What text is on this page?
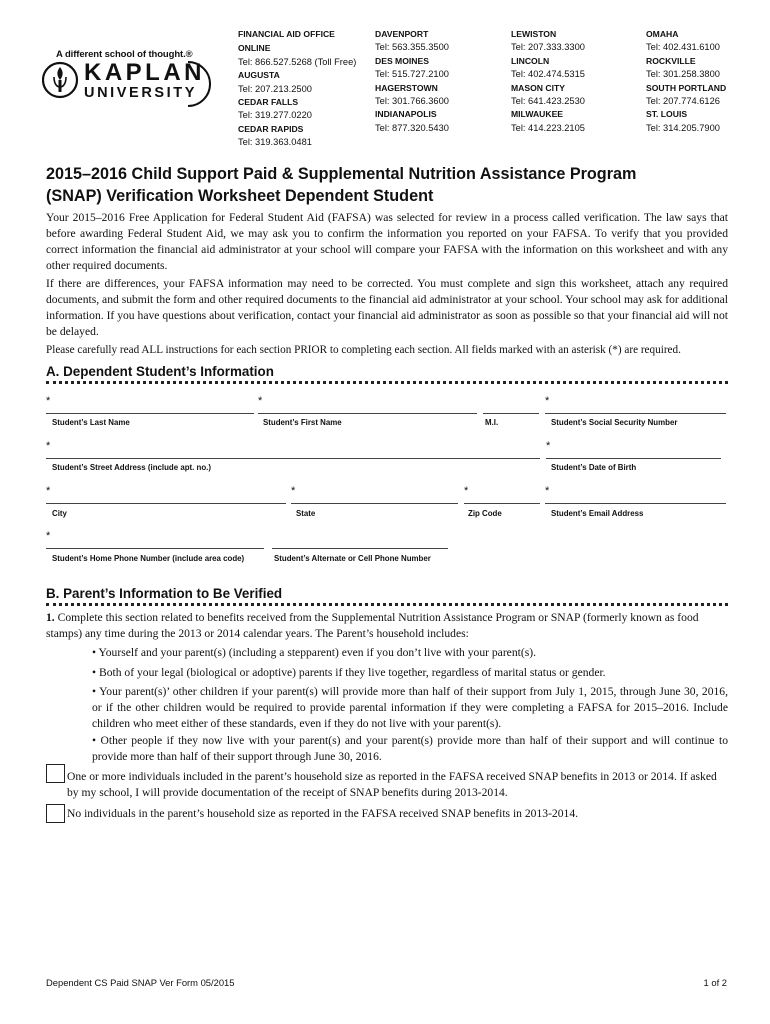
A different school of thought.®
KAPLAN
UNIVERSITY
FINANCIAL AID OFFICE
ONLINE
Tel: 866.527.5268 (Toll Free)
AUGUSTA
Tel: 207.213.2500
CEDAR FALLS
Tel: 319.277.0220
CEDAR RAPIDS
Tel: 319.363.0481
DAVENPORT
Tel: 563.355.3500
DES MOINES
Tel: 515.727.2100
HAGERSTOWN
Tel: 301.766.3600
INDIANAPOLIS
Tel: 877.320.5430
LEWISTON
Tel: 207.333.3300
LINCOLN
Tel: 402.474.5315
MASON CITY
Tel: 641.423.2530
MILWAUKEE
Tel: 414.223.2105
OMAHA
Tel: 402.431.6100
ROCKVILLE
Tel: 301.258.3800
SOUTH PORTLAND
Tel: 207.774.6126
ST. LOUIS
Tel: 314.205.7900
2015–2016 Child Support Paid & Supplemental Nutrition Assistance Program
(SNAP) Verification Worksheet Dependent Student
Your 2015–2016 Free Application for Federal Student Aid (FAFSA) was selected for review in a process called verification. The law says that before awarding Federal Student Aid, we may ask you to confirm the information you reported on your FAFSA. To verify that you provided correct information the financial aid administrator at your school will compare your FAFSA with the information on this worksheet and with any other required documents.
If there are differences, your FAFSA information may need to be corrected. You must complete and sign this worksheet, attach any required documents, and submit the form and other required documents to the financial aid administrator at your school. Your school may ask for additional information. If you have questions about verification, contact your financial aid administrator as soon as possible so that your financial aid will not be delayed.
Please carefully read ALL instructions for each section PRIOR to completing each section. All fields marked with an asterisk (*) are required.
A. Dependent Student’s Information
*	*	*
Student’s Last Name	Student’s First Name	M.I.	Student’s Social Security Number
*	*
Student’s Street Address (include apt. no.)	Student’s Date of Birth
*	*	*	*
City	State	Zip Code	Student’s Email Address
*
Student’s Home Phone Number (include area code)	Student’s Alternate or Cell Phone Number
B. Parent’s Information to Be Verified
1. Complete this section related to benefits received from the Supplemental Nutrition Assistance Program or SNAP (formerly known as food stamps) any time during the 2013 or 2014 calendar years. The Parent’s household includes:
• Yourself and your parent(s) (including a stepparent) even if you don’t live with your parent(s).
• Both of your legal (biological or adoptive) parents if they live together, regardless of marital status or gender.
• Your parent(s)’ other children if your parent(s) will provide more than half of their support from July 1, 2015, through June 30, 2016, or if the other children would be required to provide parental information if they were completing a FAFSA for 2015–2016. Include children who meet either of these standards, even if they do not live with your parent(s).
• Other people if they now live with your parent(s) and your parent(s) provide more than half of their support and will continue to provide more than half of their support through June 30, 2016.
One or more individuals included in the parent’s household size as reported in the FAFSA received SNAP benefits in 2013 or 2014. If asked by my school, I will provide documentation of the receipt of SNAP benefits during 2013-2014.
No individuals in the parent’s household size as reported in the FAFSA received SNAP benefits in 2013-2014.
Dependent CS Paid SNAP Ver Form 05/2015	1 of 2
